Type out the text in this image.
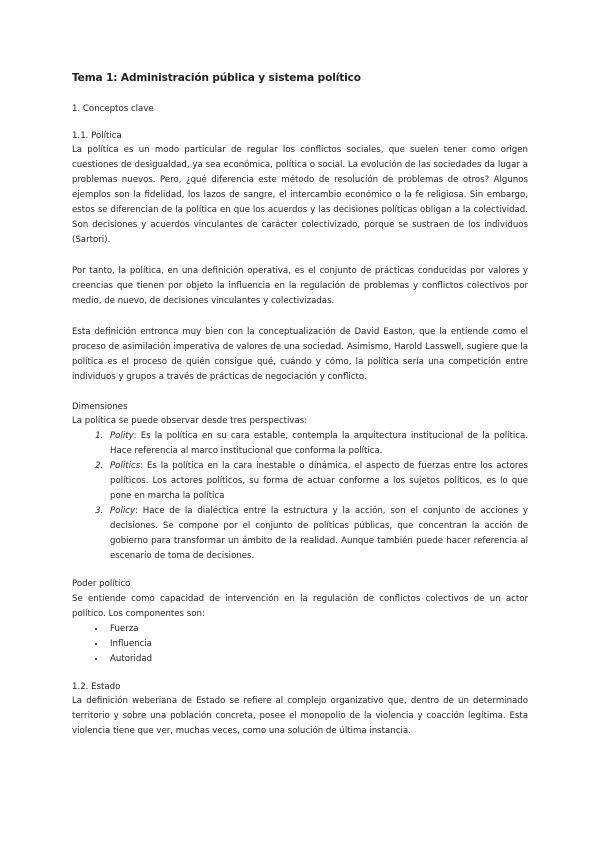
Tema 1: Administración pública y sistema político
1. Conceptos clave
1.1. Política

La política es un modo particular de regular los conflictos sociales, que suelen tener como origen cuestiones de desigualdad, ya sea económica, política o social. La evolución de las sociedades da lugar a problemas nuevos. Pero, ¿qué diferencia este método de resolución de problemas de otros? Algunos ejemplos son la fidelidad, los lazos de sangre, el intercambio económico o la fe religiosa. Sin embargo, estos se diferencian de la política en que los acuerdos y las decisiones políticas obligan a la colectividad. Son decisiones y acuerdos vinculantes de carácter colectivizado, porque se sustraen de los individuos (Sartori).

Por tanto, la política, en una definición operativa, es el conjunto de prácticas conducidas por valores y creencias que tienen por objeto la influencia en la regulación de problemas y conflictos colectivos por medio, de nuevo, de decisiones vinculantes y colectivizadas.

Esta definición entronca muy bien con la conceptualización de David Easton, que la entiende como el proceso de asimilación imperativa de valores de una sociedad. Asimismo, Harold Lasswell, sugiere que la política es el proceso de quién consigue qué, cuándo y cómo, la política sería una competición entre individuos y grupos a través de prácticas de negociación y conflicto.

Dimensiones

La política se puede observar desde tres perspectivas:

1. Polity: Es la política en su cara estable, contempla la arquitectura institucional de la política. Hace referencia al marco institucional que conforma la política.
2. Politics: Es la política en la cara inestable o dinámica, el aspecto de fuerzas entre los actores políticos. Los actores políticos, su forma de actuar conforme a los sujetos políticos, es lo que pone en marcha la política
3. Policy: Hace de la dialéctica entre la estructura y la acción, son el conjunto de acciones y decisiones. Se compone por el conjunto de políticas públicas, que concentran la acción de gobierno para transformar un ámbito de la realidad. Aunque también puede hacer referencia al escenario de toma de decisiones.
Poder político

Se entiende como capacidad de intervención en la regulación de conflictos colectivos de un actor político. Los componentes son:

• Fuerza
• Influencia
• Autoridad
1.2. Estado

La definición weberiana de Estado se refiere al complejo organizativo que, dentro de un determinado territorio y sobre una población concreta, posee el monopolio de la violencia y coacción legítima. Esta violencia tiene que ver, muchas veces, como una solución de última instancia.
